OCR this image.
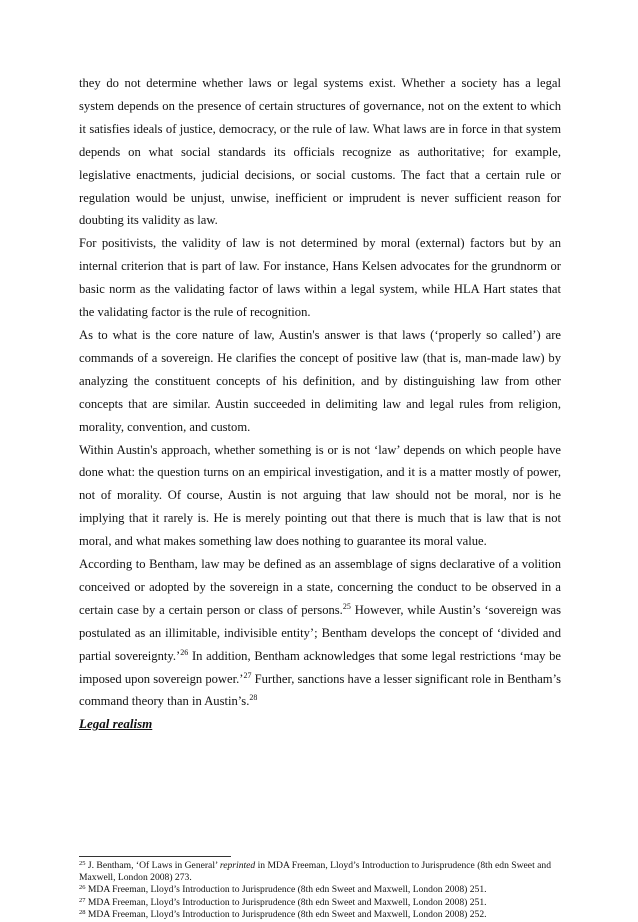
they do not determine whether laws or legal systems exist. Whether a society has a legal system depends on the presence of certain structures of governance, not on the extent to which it satisfies ideals of justice, democracy, or the rule of law. What laws are in force in that system depends on what social standards its officials recognize as authoritative; for example, legislative enactments, judicial decisions, or social customs. The fact that a certain rule or regulation would be unjust, unwise, inefficient or imprudent is never sufficient reason for doubting its validity as law.

For positivists, the validity of law is not determined by moral (external) factors but by an internal criterion that is part of law. For instance, Hans Kelsen advocates for the grundnorm or basic norm as the validating factor of laws within a legal system, while HLA Hart states that the validating factor is the rule of recognition.

As to what is the core nature of law, Austin's answer is that laws (‘properly so called’) are commands of a sovereign. He clarifies the concept of positive law (that is, man-made law) by analyzing the constituent concepts of his definition, and by distinguishing law from other concepts that are similar. Austin succeeded in delimiting law and legal rules from religion, morality, convention, and custom.

Within Austin's approach, whether something is or is not ‘law’ depends on which people have done what: the question turns on an empirical investigation, and it is a matter mostly of power, not of morality. Of course, Austin is not arguing that law should not be moral, nor is he implying that it rarely is. He is merely pointing out that there is much that is law that is not moral, and what makes something law does nothing to guarantee its moral value.

According to Bentham, law may be defined as an assemblage of signs declarative of a volition conceived or adopted by the sovereign in a state, concerning the conduct to be observed in a certain case by a certain person or class of persons.$^{25}$ However, while Austin’s ‘sovereign was postulated as an illimitable, indivisible entity’; Bentham develops the concept of ‘divided and partial sovereignty.’$^{26}$ In addition, Bentham acknowledges that some legal restrictions ‘may be imposed upon sovereign power.’$^{27}$ Further, sanctions have a lesser significant role in Bentham’s command theory than in Austin’s.$^{28}$

Legal realism

$^{25}$ J. Bentham, ‘Of Laws in General’ reprinted in MDA Freeman, Lloyd’s Introduction to Jurisprudence (8th edn Sweet and Maxwell, London 2008) 273.

$^{26}$ MDA Freeman, Lloyd’s Introduction to Jurisprudence (8th edn Sweet and Maxwell, London 2008) 251.

$^{27}$ MDA Freeman, Lloyd’s Introduction to Jurisprudence (8th edn Sweet and Maxwell, London 2008) 251.

$^{28}$ MDA Freeman, Lloyd’s Introduction to Jurisprudence (8th edn Sweet and Maxwell, London 2008) 252.
